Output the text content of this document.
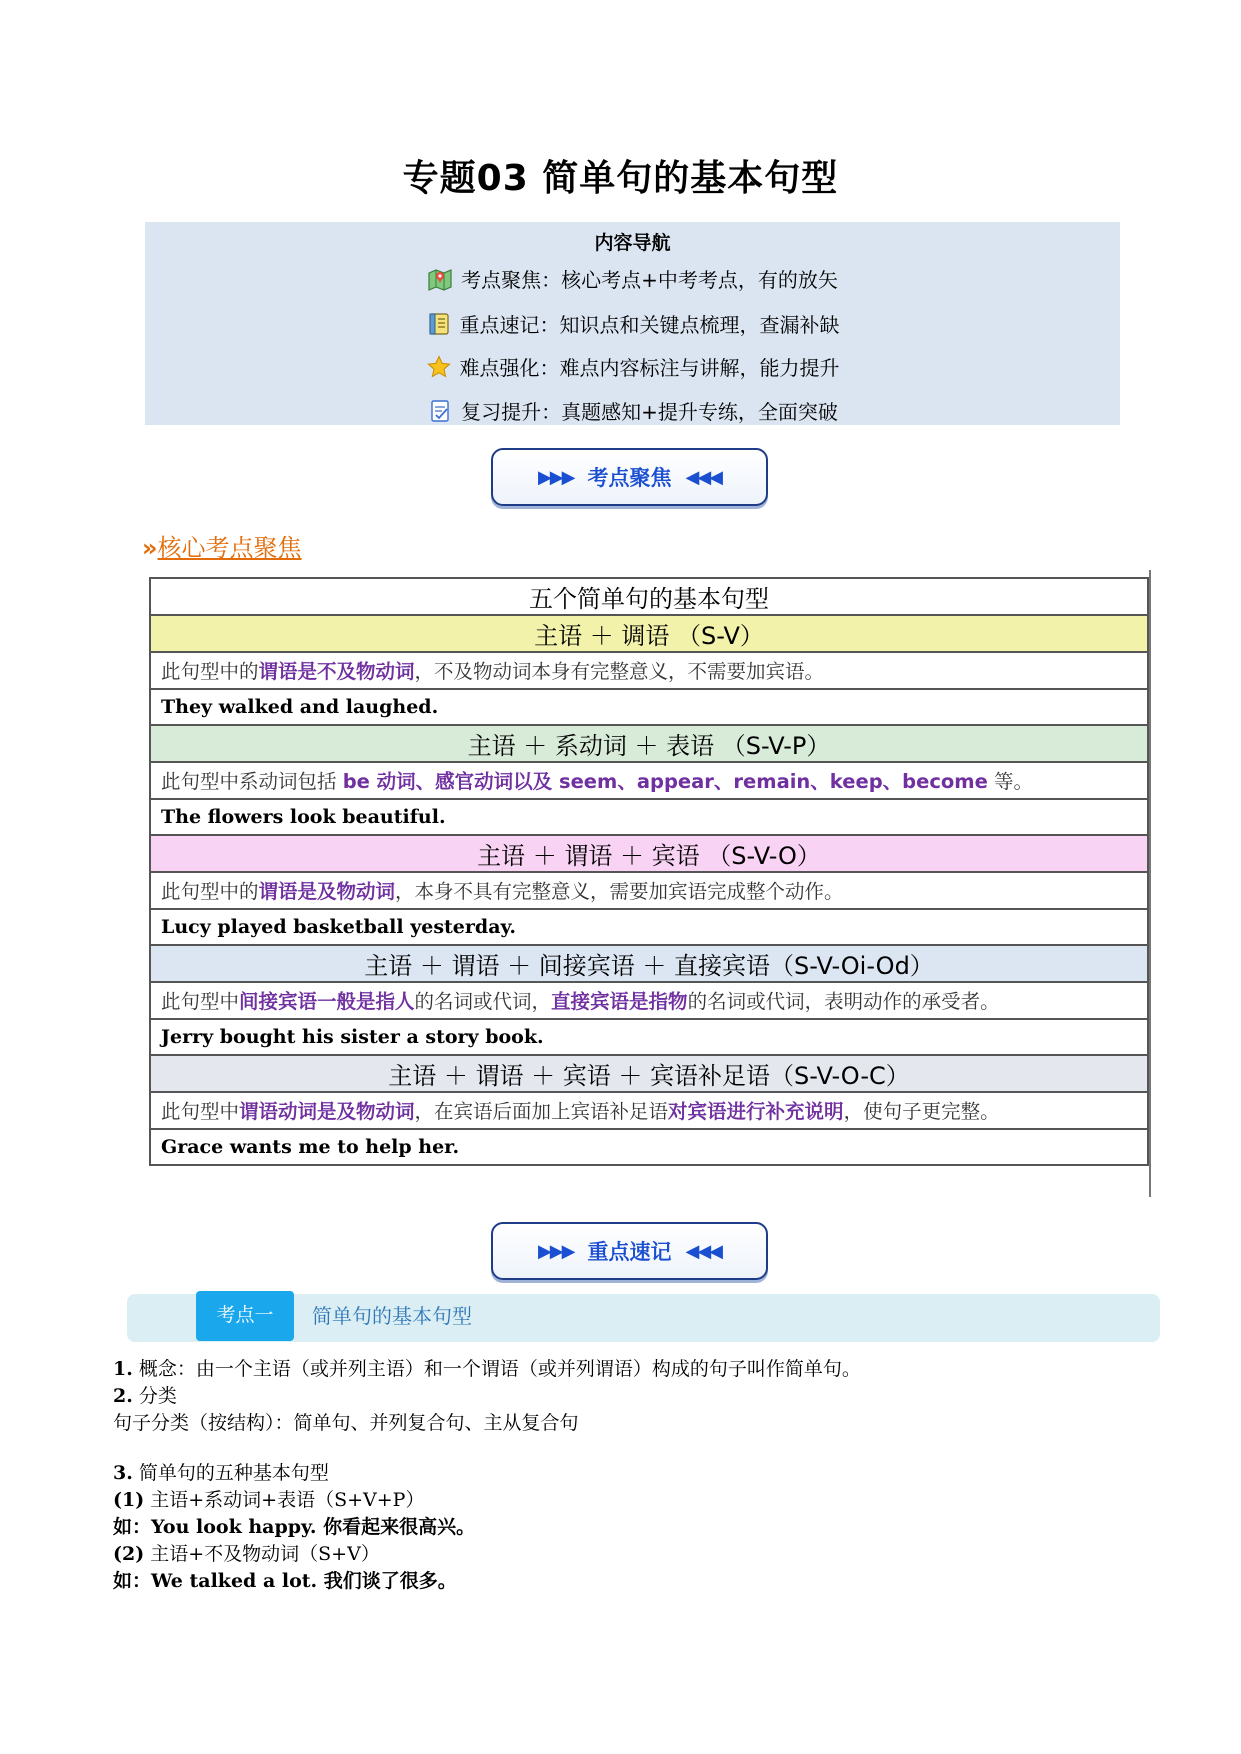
专题03 简单句的基本句型
内容导航
考点聚焦：核心考点+中考考点，有的放矢
重点速记：知识点和关键点梳理，查漏补缺
难点强化：难点内容标注与讲解，能力提升
复习提升：真题感知+提升专练，全面突破
▶▶▶ 考点聚焦 ◀◀◀
»核心考点聚焦
五个简单句的基本句型
主语 ＋ 调语 （S-V）
此句型中的谓语是不及物动词，不及物动词本身有完整意义，不需要加宾语。
They walked and laughed.
主语 ＋ 系动词 ＋ 表语 （S-V-P）
此句型中系动词包括 be 动词、感官动词以及 seem、appear、remain、keep、become 等。
The flowers look beautiful.
主语 ＋ 谓语 ＋ 宾语 （S-V-O）
此句型中的谓语是及物动词，本身不具有完整意义，需要加宾语完成整个动作。
Lucy played basketball yesterday.
主语 ＋ 谓语 ＋ 间接宾语 ＋ 直接宾语（S-V-Oi-Od）
此句型中间接宾语一般是指人的名词或代词，直接宾语是指物的名词或代词，表明动作的承受者。
Jerry bought his sister a story book.
主语 ＋ 谓语 ＋ 宾语 ＋ 宾语补足语（S-V-O-C）
此句型中谓语动词是及物动词，在宾语后面加上宾语补足语对宾语进行补充说明，使句子更完整。
Grace wants me to help her.
▶▶▶ 重点速记 ◀◀◀
考点一	简单句的基本句型
1. 概念：由一个主语（或并列主语）和一个谓语（或并列谓语）构成的句子叫作简单句。
2. 分类
句子分类（按结构）：简单句、并列复合句、主从复合句
3. 简单句的五种基本句型
(1) 主语+系动词+表语（S+V+P）
如：You look happy. 你看起来很高兴。
(2) 主语+不及物动词（S+V）
如：We talked a lot. 我们谈了很多。
